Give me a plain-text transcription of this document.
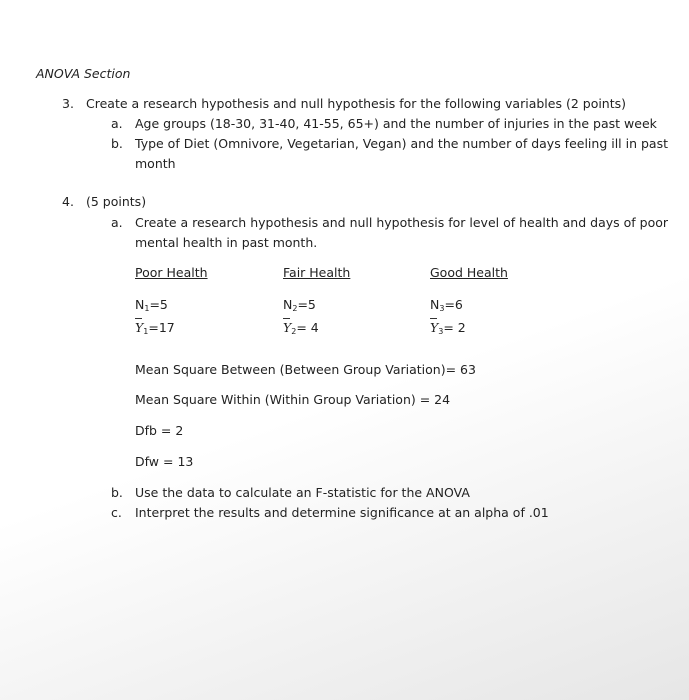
ANOVA Section
3. Create a research hypothesis and null hypothesis for the following variables (2 points)
a. Age groups (18-30, 31-40, 41-55, 65+) and the number of injuries in the past week
b. Type of Diet (Omnivore, Vegetarian, Vegan) and the number of days feeling ill in past
month
4. (5 points)
a. Create a research hypothesis and null hypothesis for level of health and days of poor
mental health in past month.
Poor Health	Fair Health	Good Health
$N_1=5$	$N_2=5$	$N_3=6$
$Y_1=17$	$Y_2= 4$	$Y_3= 2$
Mean Square Between (Between Group Variation)= 63
Mean Square Within (Within Group Variation) = 24
Dfb = 2
Dfw = 13
b. Use the data to calculate an F-statistic for the ANOVA
c. Interpret the results and determine significance at an alpha of .01
